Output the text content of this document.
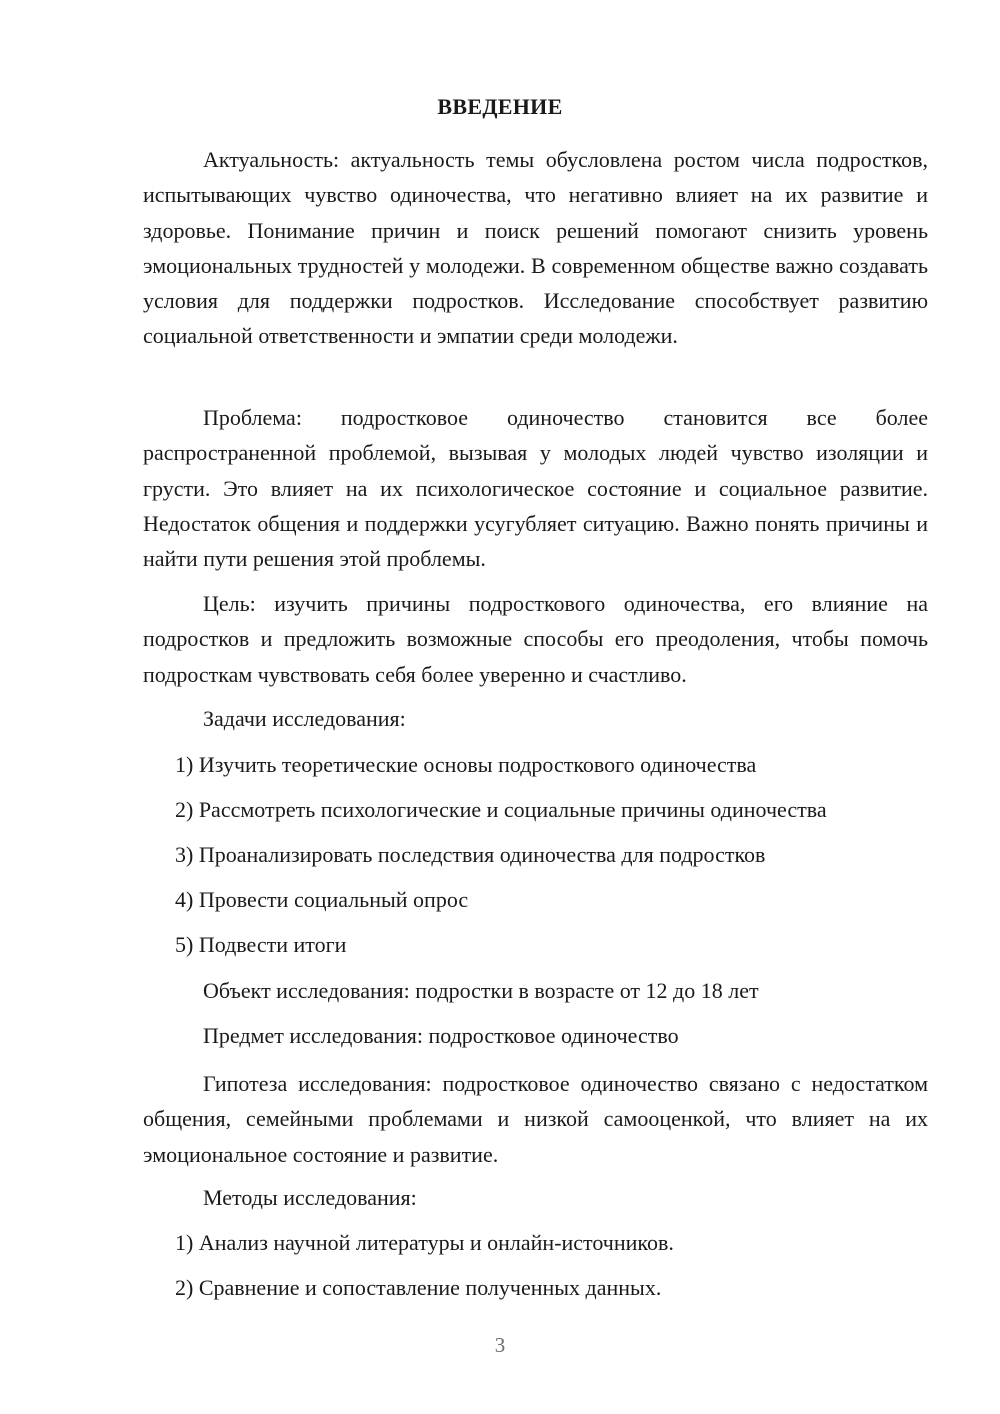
ВВЕДЕНИЕ

Актуальность: актуальность темы обусловлена ростом числа подростков, испытывающих чувство одиночества, что негативно влияет на их развитие и здоровье. Понимание причин и поиск решений помогают снизить уровень эмоциональных трудностей у молодежи. В современном обществе важно создавать условия для поддержки подростков. Исследование способствует развитию социальной ответственности и эмпатии среди молодежи.

Проблема: подростковое одиночество становится все более распространенной проблемой, вызывая у молодых людей чувство изоляции и грусти. Это влияет на их психологическое состояние и социальное развитие. Недостаток общения и поддержки усугубляет ситуацию. Важно понять причины и найти пути решения этой проблемы.

Цель: изучить причины подросткового одиночества, его влияние на подростков и предложить возможные способы его преодоления, чтобы помочь подросткам чувствовать себя более уверенно и счастливо.

Задачи исследования:
1) Изучить теоретические основы подросткового одиночества
2) Рассмотреть психологические и социальные причины одиночества
3) Проанализировать последствия одиночества для подростков
4) Провести социальный опрос
5) Подвести итоги
Объект исследования: подростки в возрасте от 12 до 18 лет
Предмет исследования: подростковое одиночество

Гипотеза исследования: подростковое одиночество связано с недостатком общения, семейными проблемами и низкой самооценкой, что влияет на их эмоциональное состояние и развитие.

Методы исследования:
1) Анализ научной литературы и онлайн-источников.
2) Сравнение и сопоставление полученных данных.
3
